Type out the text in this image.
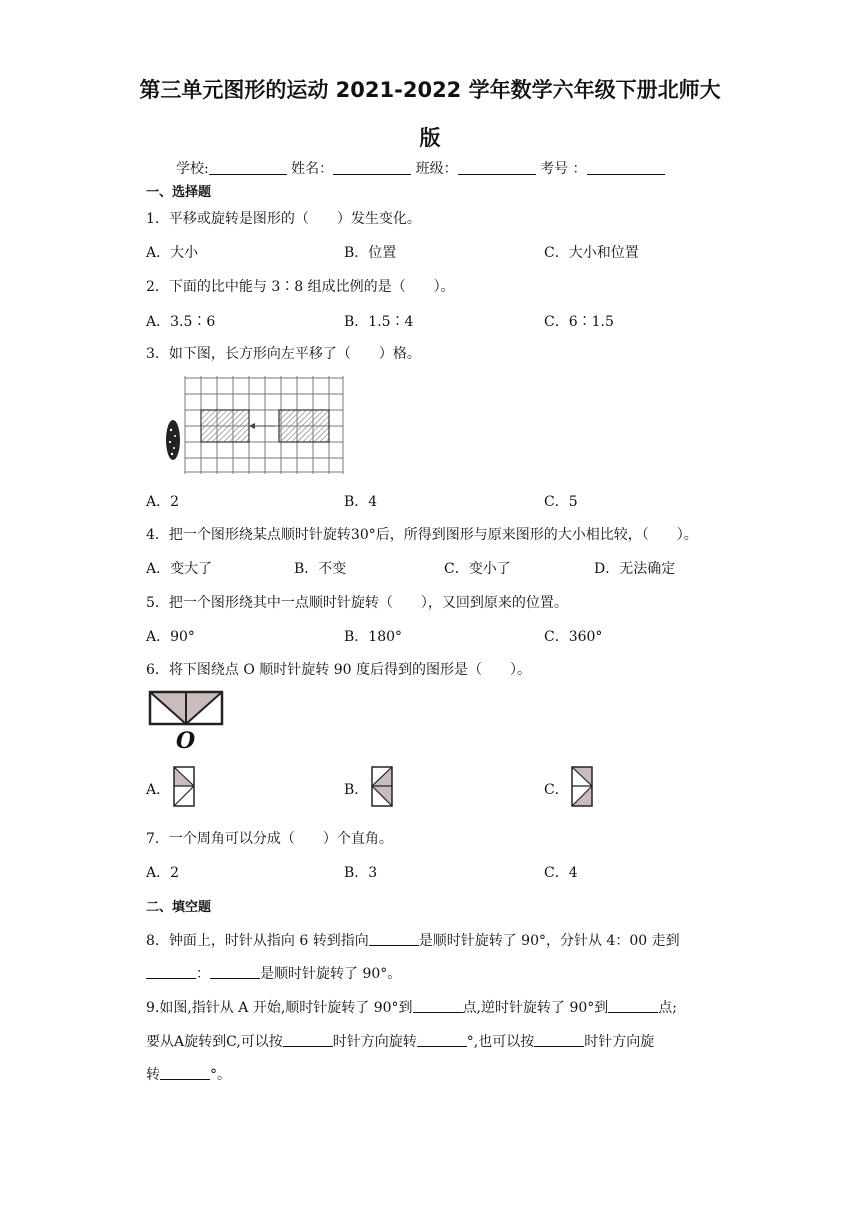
第三单元图形的运动 2021-2022 学年数学六年级下册北师大
版
学校:	姓名：	班级：	考号 ：
一、选择题
1．平移或旋转是图形的（　　）发生变化。
A．大小	B．位置	C．大小和位置
2．下面的比中能与 3∶8 组成比例的是（　　）。
A．3.5∶6	B．1.5∶4	C．6∶1.5
3．如下图，长方形向左平移了（　　）格。
A．2	B．4	C．5
4．把一个图形绕某点顺时针旋转30°后，所得到图形与原来图形的大小相比较，（　　）。
A．变大了	B．不变	C．变小了	D．无法确定
5．把一个图形绕其中一点顺时针旋转（　　），又回到原来的位置。
A．90°	B．180°	C．360°
6．将下图绕点 O 顺时针旋转 90 度后得到的图形是（　　）。
O
A．	B．	C．
7．一个周角可以分成（　　）个直角。
A．2	B．3	C．4
二、填空题
8．钟面上，时针从指向 6 转到指向	是顺时针旋转了 90°，分针从 4：00 走到
：	是顺时针旋转了 90°。
9.如图,指针从 A 开始,顺时针旋转了 90°到	点,逆时针旋转了 90°到	点;
要从A旋转到C,可以按	时针方向旋转	°,也可以按	时针方向旋
转	°。
